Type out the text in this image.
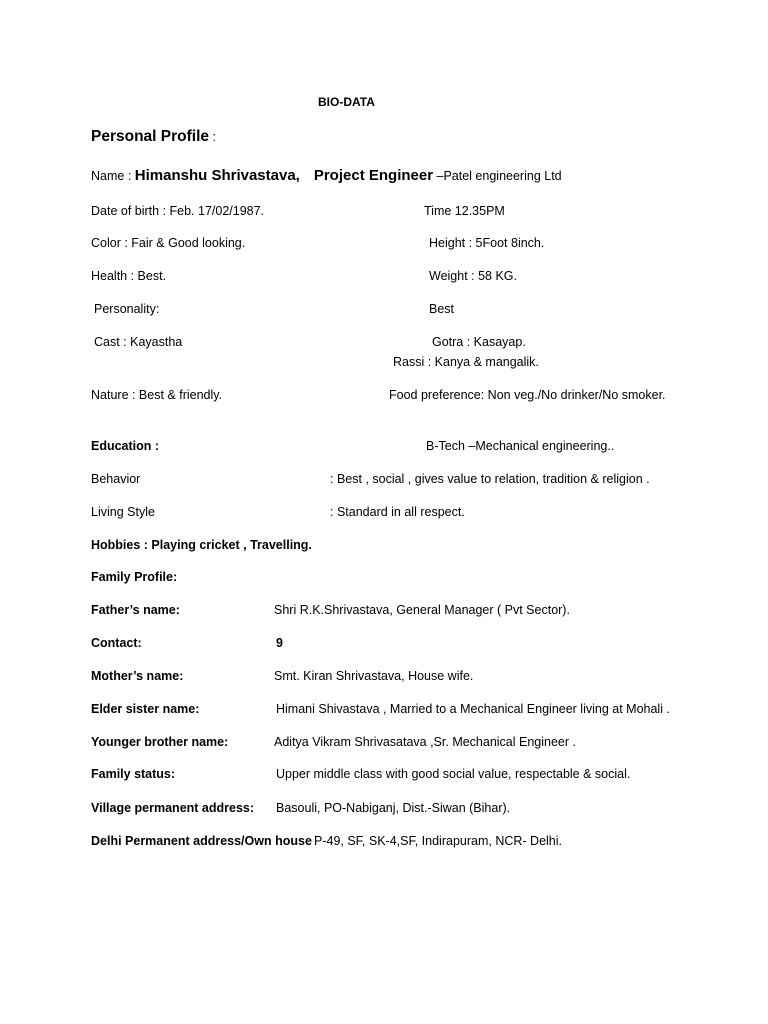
BIO-DATA
Personal Profile :
Name : Himanshu Shrivastava, Project Engineer –Patel engineering Ltd
Date of birth : Feb. 17/02/1987.	Time 12.35PM
Color : Fair & Good looking.	Height : 5Foot 8inch.
Health : Best.	Weight : 58 KG.
Personality:	Best
Cast : Kayastha	Gotra : Kasayap.
Rassi : Kanya & mangalik.
Nature : Best & friendly.	Food preference: Non veg./No drinker/No smoker.
Education :	B-Tech –Mechanical engineering..
Behavior	: Best , social , gives value to relation, tradition & religion .
Living Style	: Standard in all respect.
Hobbies : Playing cricket , Travelling.
Family Profile:
Father’s name:	Shri R.K.Shrivastava, General Manager ( Pvt Sector).
Contact:	9
Mother’s name:	Smt. Kiran Shrivastava, House wife.
Elder sister name:	Himani Shivastava , Married to a Mechanical Engineer living at Mohali .
Younger brother name:	Aditya Vikram Shrivasatava ,Sr. Mechanical Engineer .
Family status:	Upper middle class with good social value, respectable & social.
Village permanent address: Basouli, PO-Nabiganj, Dist.-Siwan (Bihar).
Delhi Permanent address/Own house P-49, SF, SK-4,SF, Indirapuram, NCR- Delhi.
